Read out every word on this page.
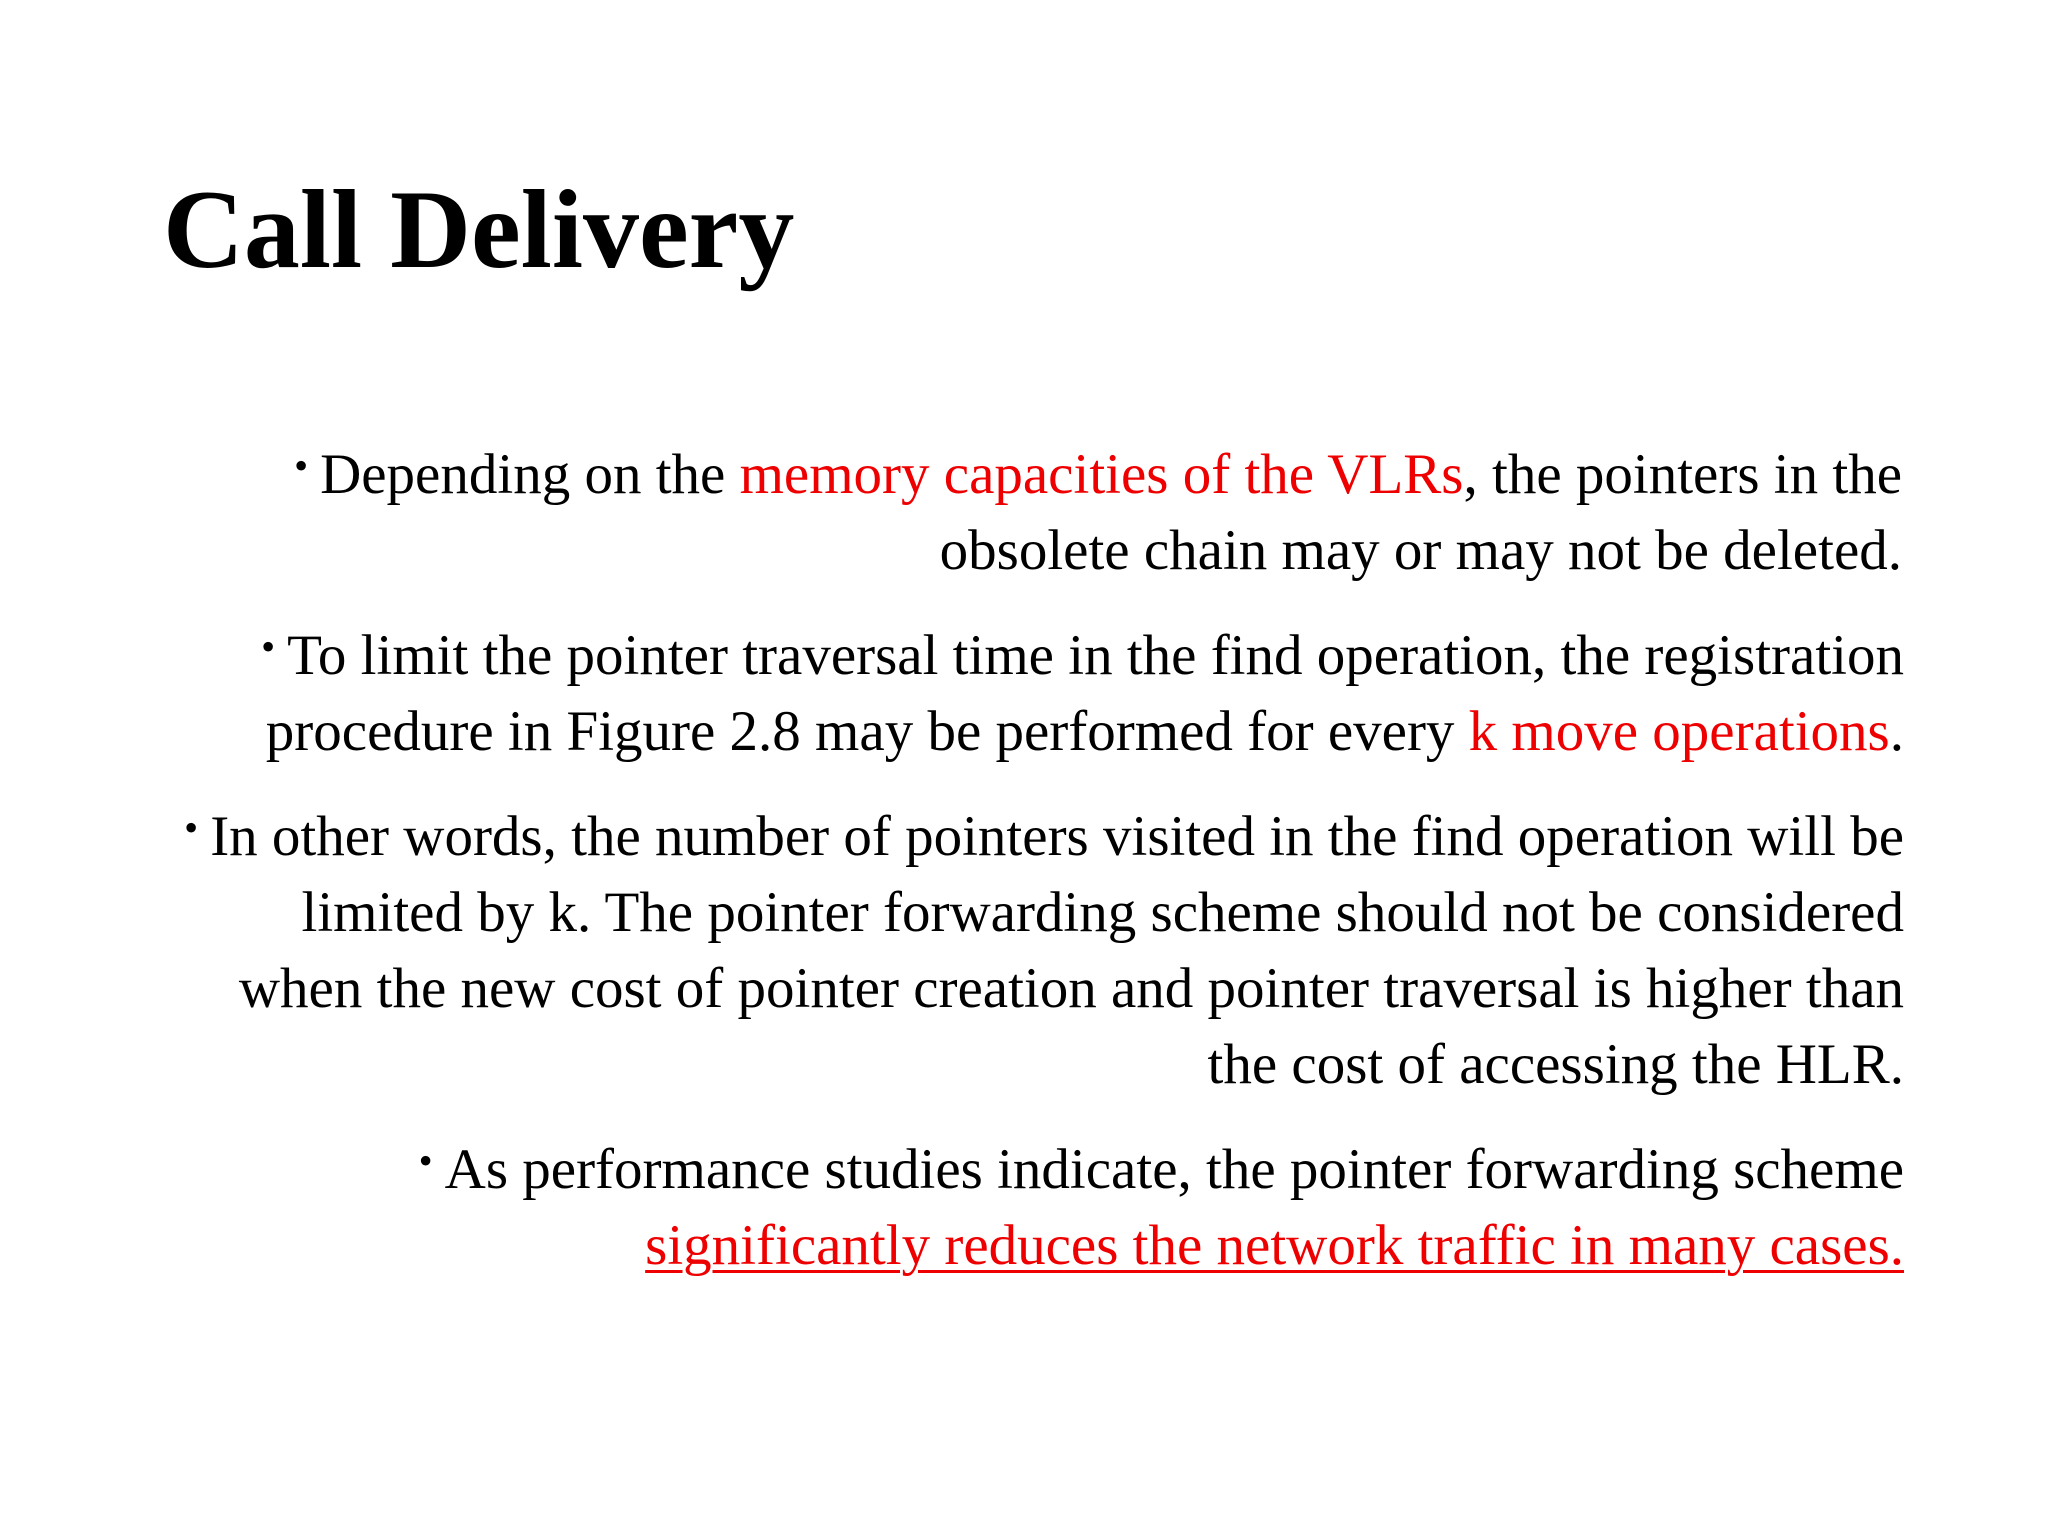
Call Delivery

• Depending on the memory capacities of the VLRs, the pointers in the obsolete chain may or may not be deleted.

• To limit the pointer traversal time in the find operation, the registration procedure in Figure 2.8 may be performed for every k move operations.

• In other words, the number of pointers visited in the find operation will be limited by k. The pointer forwarding scheme should not be considered when the new cost of pointer creation and pointer traversal is higher than the cost of accessing the HLR.

• As performance studies indicate, the pointer forwarding scheme significantly reduces the network traffic in many cases.
